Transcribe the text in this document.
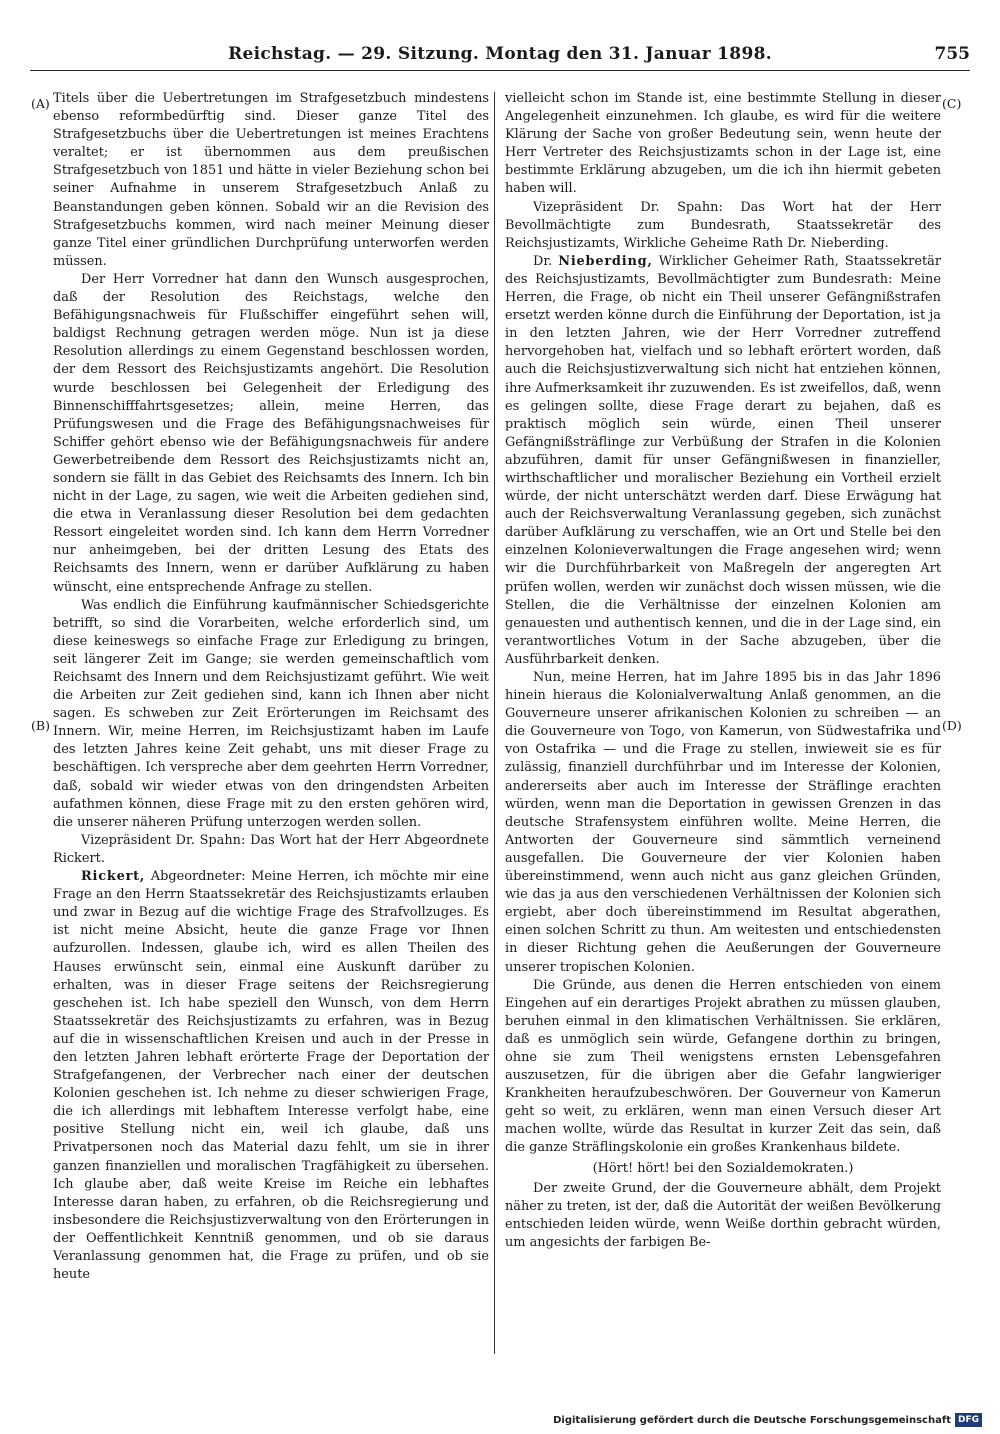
Reichstag. — 29. Sitzung. Montag den 31. Januar 1898.	755
(A)
(B)
(C)
(D)

Titels über die Uebertretungen im Strafgesetzbuch mindestens ebenso reformbedürftig sind. Dieser ganze Titel des Strafgesetzbuchs über die Uebertretungen ist meines Erachtens veraltet; er ist übernommen aus dem preußischen Strafgesetzbuch von 1851 und hätte in vieler Beziehung schon bei seiner Aufnahme in unserem Strafgesetzbuch Anlaß zu Beanstandungen geben können. Sobald wir an die Revision des Strafgesetzbuchs kommen, wird nach meiner Meinung dieser ganze Titel einer gründlichen Durchprüfung unterworfen werden müssen.

Der Herr Vorredner hat dann den Wunsch ausgesprochen, daß der Resolution des Reichstags, welche den Befähigungsnachweis für Flußschiffer eingeführt sehen will, baldigst Rechnung getragen werden möge. Nun ist ja diese Resolution allerdings zu einem Gegenstand beschlossen worden, der dem Ressort des Reichsjustizamts angehört. Die Resolution wurde beschlossen bei Gelegenheit der Erledigung des Binnenschifffahrtsgesetzes; allein, meine Herren, das Prüfungswesen und die Frage des Befähigungsnachweises für Schiffer gehört ebenso wie der Befähigungsnachweis für andere Gewerbetreibende dem Ressort des Reichsjustizamts nicht an, sondern sie fällt in das Gebiet des Reichsamts des Innern. Ich bin nicht in der Lage, zu sagen, wie weit die Arbeiten gediehen sind, die etwa in Veranlassung dieser Resolution bei dem gedachten Ressort eingeleitet worden sind. Ich kann dem Herrn Vorredner nur anheimgeben, bei der dritten Lesung des Etats des Reichsamts des Innern, wenn er darüber Aufklärung zu haben wünscht, eine entsprechende Anfrage zu stellen.

Was endlich die Einführung kaufmännischer Schiedsgerichte betrifft, so sind die Vorarbeiten, welche erforderlich sind, um diese keineswegs so einfache Frage zur Erledigung zu bringen, seit längerer Zeit im Gange; sie werden gemeinschaftlich vom Reichsamt des Innern und dem Reichsjustizamt geführt. Wie weit die Arbeiten zur Zeit gediehen sind, kann ich Ihnen aber nicht sagen. Es schweben zur Zeit Erörterungen im Reichsamt des Innern. Wir, meine Herren, im Reichsjustizamt haben im Laufe des letzten Jahres keine Zeit gehabt, uns mit dieser Frage zu beschäftigen. Ich verspreche aber dem geehrten Herrn Vorredner, daß, sobald wir wieder etwas von den dringendsten Arbeiten aufathmen können, diese Frage mit zu den ersten gehören wird, die unserer näheren Prüfung unterzogen werden sollen.

Vizepräsident Dr. Spahn: Das Wort hat der Herr Abgeordnete Rickert.

Rickert, Abgeordneter: Meine Herren, ich möchte mir eine Frage an den Herrn Staatssekretär des Reichsjustizamts erlauben und zwar in Bezug auf die wichtige Frage des Strafvollzuges. Es ist nicht meine Absicht, heute die ganze Frage vor Ihnen aufzurollen. Indessen, glaube ich, wird es allen Theilen des Hauses erwünscht sein, einmal eine Auskunft darüber zu erhalten, was in dieser Frage seitens der Reichsregierung geschehen ist. Ich habe speziell den Wunsch, von dem Herrn Staatssekretär des Reichsjustizamts zu erfahren, was in Bezug auf die in wissenschaftlichen Kreisen und auch in der Presse in den letzten Jahren lebhaft erörterte Frage der Deportation der Strafgefangenen, der Verbrecher nach einer der deutschen Kolonien geschehen ist. Ich nehme zu dieser schwierigen Frage, die ich allerdings mit lebhaftem Interesse verfolgt habe, eine positive Stellung nicht ein, weil ich glaube, daß uns Privatpersonen noch das Material dazu fehlt, um sie in ihrer ganzen finanziellen und moralischen Tragfähigkeit zu übersehen. Ich glaube aber, daß weite Kreise im Reiche ein lebhaftes Interesse daran haben, zu erfahren, ob die Reichsregierung und insbesondere die Reichsjustizverwaltung von den Erörterungen in der Oeffentlichkeit Kenntniß genommen, und ob sie daraus Veranlassung genommen hat, die Frage zu prüfen, und ob sie heute

vielleicht schon im Stande ist, eine bestimmte Stellung in dieser Angelegenheit einzunehmen. Ich glaube, es wird für die weitere Klärung der Sache von großer Bedeutung sein, wenn heute der Herr Vertreter des Reichsjustizamts schon in der Lage ist, eine bestimmte Erklärung abzugeben, um die ich ihn hiermit gebeten haben will.

Vizepräsident Dr. Spahn: Das Wort hat der Herr Bevollmächtigte zum Bundesrath, Staatssekretär des Reichsjustizamts, Wirkliche Geheime Rath Dr. Nieberding.

Dr. Nieberding, Wirklicher Geheimer Rath, Staatssekretär des Reichsjustizamts, Bevollmächtigter zum Bundesrath: Meine Herren, die Frage, ob nicht ein Theil unserer Gefängnißstrafen ersetzt werden könne durch die Einführung der Deportation, ist ja in den letzten Jahren, wie der Herr Vorredner zutreffend hervorgehoben hat, vielfach und so lebhaft erörtert worden, daß auch die Reichsjustizverwaltung sich nicht hat entziehen können, ihre Aufmerksamkeit ihr zuzuwenden. Es ist zweifellos, daß, wenn es gelingen sollte, diese Frage derart zu bejahen, daß es praktisch möglich sein würde, einen Theil unserer Gefängnißsträflinge zur Verbüßung der Strafen in die Kolonien abzuführen, damit für unser Gefängnißwesen in finanzieller, wirthschaftlicher und moralischer Beziehung ein Vortheil erzielt würde, der nicht unterschätzt werden darf. Diese Erwägung hat auch der Reichsverwaltung Veranlassung gegeben, sich zunächst darüber Aufklärung zu verschaffen, wie an Ort und Stelle bei den einzelnen Kolonieverwaltungen die Frage angesehen wird; wenn wir die Durchführbarkeit von Maßregeln der angeregten Art prüfen wollen, werden wir zunächst doch wissen müssen, wie die Stellen, die die Verhältnisse der einzelnen Kolonien am genauesten und authentisch kennen, und die in der Lage sind, ein verantwortliches Votum in der Sache abzugeben, über die Ausführbarkeit denken.

Nun, meine Herren, hat im Jahre 1895 bis in das Jahr 1896 hinein hieraus die Kolonialverwaltung Anlaß genommen, an die Gouverneure unserer afrikanischen Kolonien zu schreiben — an die Gouverneure von Togo, von Kamerun, von Südwestafrika und von Ostafrika — und die Frage zu stellen, inwieweit sie es für zulässig, finanziell durchführbar und im Interesse der Kolonien, andererseits aber auch im Interesse der Sträflinge erachten würden, wenn man die Deportation in gewissen Grenzen in das deutsche Strafensystem einführen wollte. Meine Herren, die Antworten der Gouverneure sind sämmtlich verneinend ausgefallen. Die Gouverneure der vier Kolonien haben übereinstimmend, wenn auch nicht aus ganz gleichen Gründen, wie das ja aus den verschiedenen Verhältnissen der Kolonien sich ergiebt, aber doch übereinstimmend im Resultat abgerathen, einen solchen Schritt zu thun. Am weitesten und entschiedensten in dieser Richtung gehen die Aeußerungen der Gouverneure unserer tropischen Kolonien.

Die Gründe, aus denen die Herren entschieden von einem Eingehen auf ein derartiges Projekt abrathen zu müssen glauben, beruhen einmal in den klimatischen Verhältnissen. Sie erklären, daß es unmöglich sein würde, Gefangene dorthin zu bringen, ohne sie zum Theil wenigstens ernsten Lebensgefahren auszusetzen, für die übrigen aber die Gefahr langwieriger Krankheiten heraufzubeschwören. Der Gouverneur von Kamerun geht so weit, zu erklären, wenn man einen Versuch dieser Art machen wollte, würde das Resultat in kurzer Zeit das sein, daß die ganze Sträflingskolonie ein großes Krankenhaus bildete.

(Hört! hört! bei den Sozialdemokraten.)

Der zweite Grund, der die Gouverneure abhält, dem Projekt näher zu treten, ist der, daß die Autorität der weißen Bevölkerung entschieden leiden würde, wenn Weiße dorthin gebracht würden, um angesichts der farbigen Be-

Digitalisierung gefördert durch die Deutsche Forschungsgemeinschaft DFG
